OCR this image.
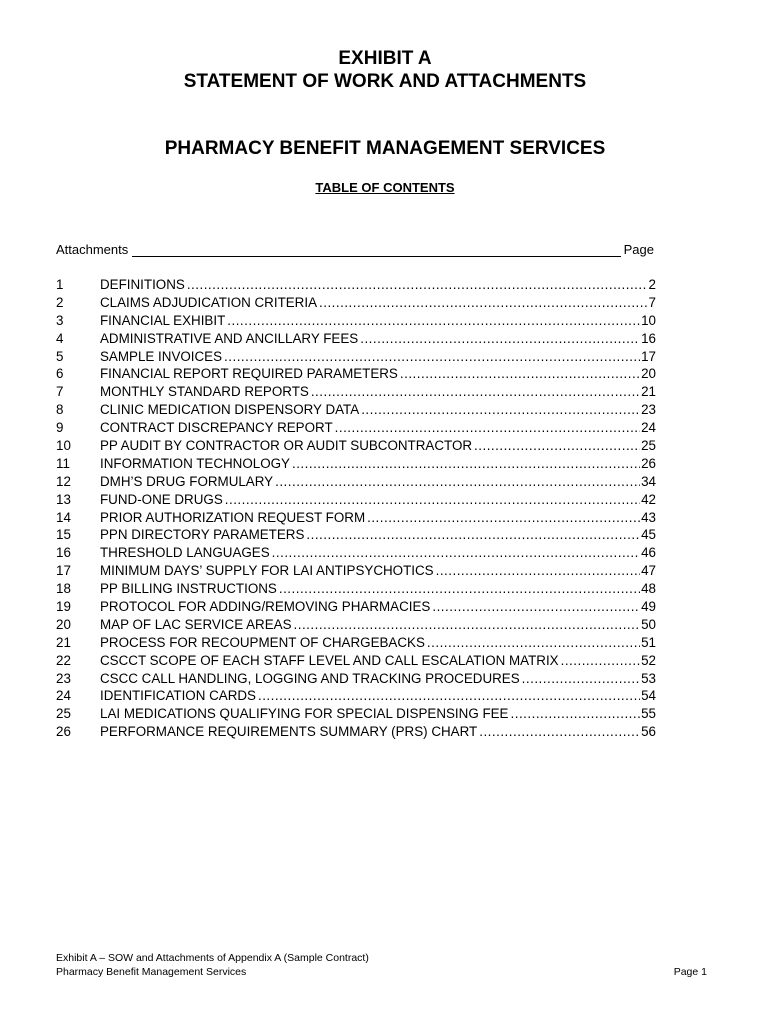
EXHIBIT A
STATEMENT OF WORK AND ATTACHMENTS
PHARMACY BENEFIT MANAGEMENT SERVICES
TABLE OF CONTENTS
Attachments	Page
1	DEFINITIONS .....	2
2	CLAIMS ADJUDICATION CRITERIA .....	7
3	FINANCIAL EXHIBIT .....	10
4	ADMINISTRATIVE AND ANCILLARY FEES .....	16
5	SAMPLE INVOICES .....	17
6	FINANCIAL REPORT REQUIRED PARAMETERS .....	20
7	MONTHLY STANDARD REPORTS .....	21
8	CLINIC MEDICATION DISPENSORY DATA .....	23
9	CONTRACT DISCREPANCY REPORT .....	24
10	PP AUDIT BY CONTRACTOR OR AUDIT SUBCONTRACTOR .....	25
11	INFORMATION TECHNOLOGY .....	26
12	DMH’S DRUG FORMULARY .....	34
13	FUND-ONE DRUGS .....	42
14	PRIOR AUTHORIZATION REQUEST FORM .....	43
15	PPN DIRECTORY PARAMETERS .....	45
16	THRESHOLD LANGUAGES .....	46
17	MINIMUM DAYS’ SUPPLY FOR LAI ANTIPSYCHOTICS .....	47
18	PP BILLING INSTRUCTIONS .....	48
19	PROTOCOL FOR ADDING/REMOVING PHARMACIES .....	49
20	MAP OF LAC SERVICE AREAS .....	50
21	PROCESS FOR RECOUPMENT OF CHARGEBACKS .....	51
22	CSCCT SCOPE OF EACH STAFF LEVEL AND CALL ESCALATION MATRIX .....	52
23	CSCC CALL HANDLING, LOGGING AND TRACKING PROCEDURES .....	53
24	IDENTIFICATION CARDS .....	54
25	LAI MEDICATIONS QUALIFYING FOR SPECIAL DISPENSING FEE .....	55
26	PERFORMANCE REQUIREMENTS SUMMARY (PRS) CHART .....	56
Exhibit A – SOW and Attachments of Appendix A (Sample Contract)
Pharmacy Benefit Management Services	Page 1
